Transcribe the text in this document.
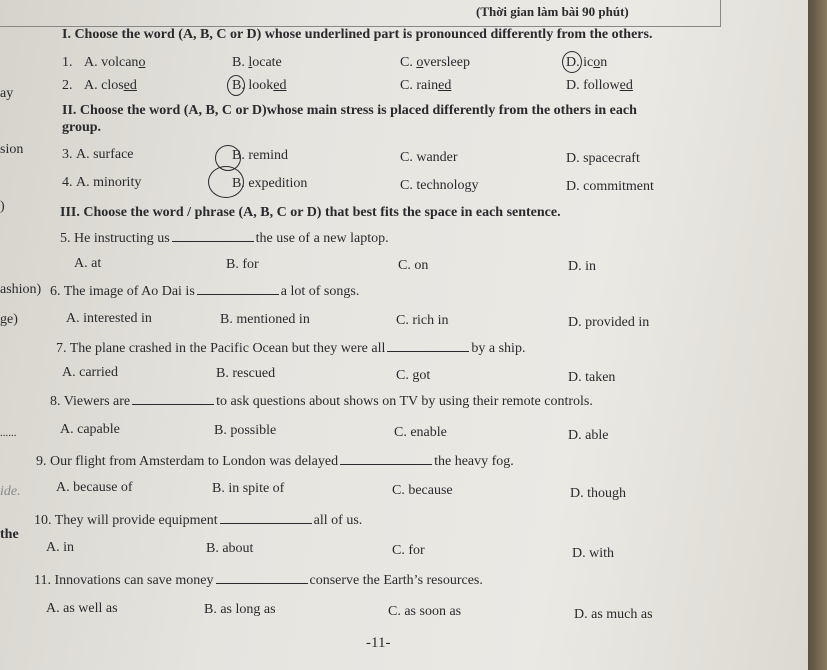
(Thời gian làm bài 90 phút)
ay
sion
)
ashion)
ge)
......
ide.
the
I. Choose the word (A, B, C or D) whose underlined part is pronounced differently from the others.
1. A. volcano	B. locate	C. oversleep	D. icon
2. A. closed	B. looked	C. rained	D. followed
II. Choose the word (A, B, C or D)whose main stress is placed differently from the others in each
group.
3. A. surface	B. remind	C. wander	D. spacecraft
4. A. minority	B. expedition	C. technology	D. commitment
III. Choose the word / phrase (A, B, C or D) that best fits the space in each sentence.
5. He instructing us	the use of a new laptop.
A. at	B. for	C. on	D. in
6. The image of Ao Dai is	a lot of songs.
A. interested in	B. mentioned in	C. rich in	D. provided in
7. The plane crashed in the Pacific Ocean but they were all	by a ship.
A. carried	B. rescued	C. got	D. taken
8. Viewers are	to ask questions about shows on TV by using their remote controls.
A. capable	B. possible	C. enable	D. able
9. Our flight from Amsterdam to London was delayed	the heavy fog.
A. because of	B. in spite of	C. because	D. though
10. They will provide equipment	all of us.
A. in	B. about	C. for	D. with
11. Innovations can save money	conserve the Earth’s resources.
A. as well as	B. as long as	C. as soon as	D. as much as
-11-
